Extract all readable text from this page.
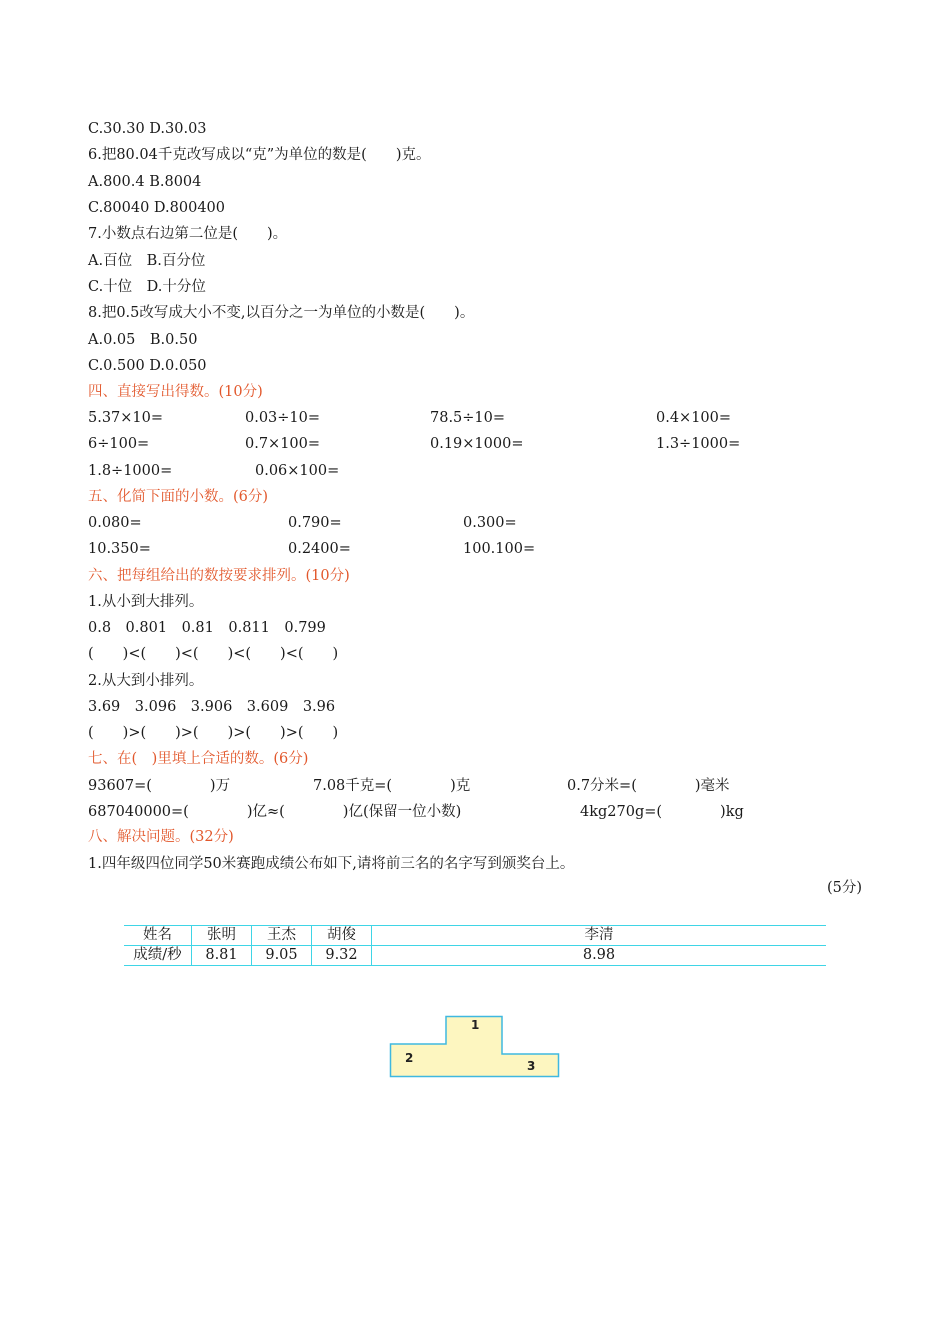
C.30.30 D.30.03
6.把80.04千克改写成以“克”为单位的数是(　　)克。
A.800.4 B.8004
C.80040 D.800400
7.小数点右边第二位是(　　)。
A.百位　B.百分位
C.十位　D.十分位
8.把0.5改写成大小不变,以百分之一为单位的小数是(　　)。
A.0.05　B.0.50
C.0.500 D.0.050
四、直接写出得数。(10分)
5.37×10=	0.03÷10=	78.5÷10=	0.4×100=
6÷100=	0.7×100=	0.19×1000=	1.3÷1000=
1.8÷1000=	0.06×100=
五、化简下面的小数。(6分)
0.080=	0.790=	0.300=
10.350=	0.2400=	100.100=
六、把每组给出的数按要求排列。(10分)
1.从小到大排列。
0.8　0.801　0.81　0.811　0.799
(　　)<(　　)<(　　)<(　　)<(　　)
2.从大到小排列。
3.69　3.096　3.906　3.609　3.96
(　　)>(　　)>(　　)>(　　)>(　　)
七、在(　)里填上合适的数。(6分)
93607=(　　　　)万	7.08千克=(　　　　)克	0.7分米=(　　　　)毫米
687040000=(　　　　)亿≈(　　　　)亿(保留一位小数)	4kg270g=(　　　　)kg
八、解决问题。(32分)
1.四年级四位同学50米赛跑成绩公布如下,请将前三名的名字写到颁奖台上。
(5分)
姓名	张明	王杰	胡俊	李清
成绩/秒	8.81	9.05	9.32	8.98
1
2
3
